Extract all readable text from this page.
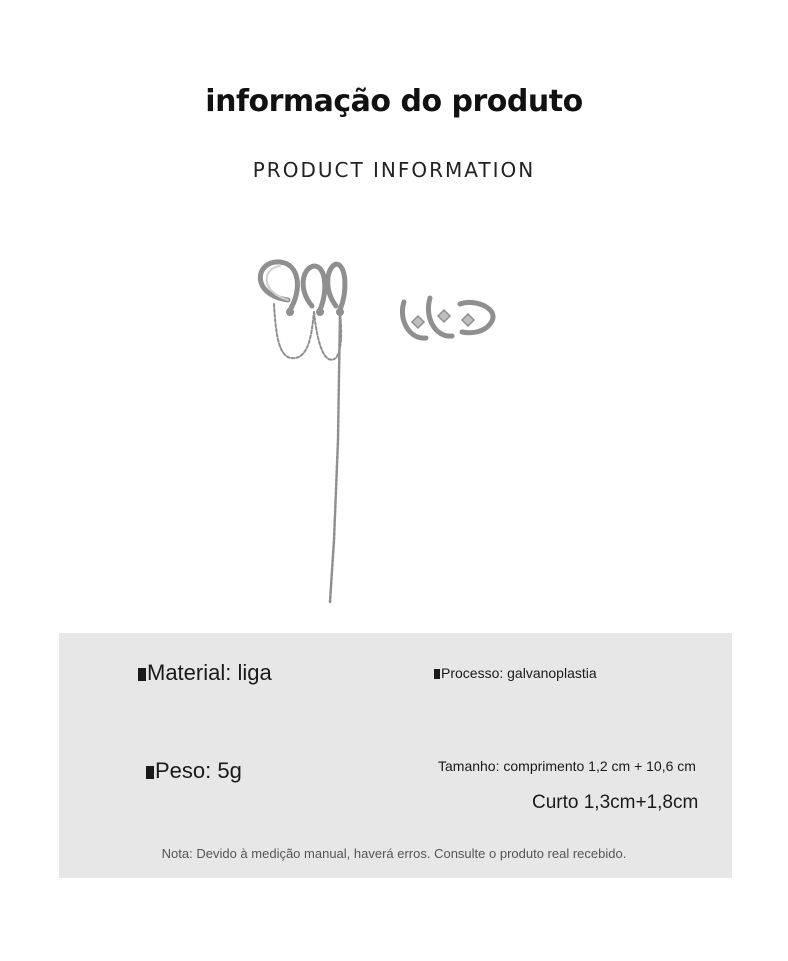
informação do produto
PRODUCT INFORMATION
Material: liga	Processo: galvanoplastia
Peso: 5g	Tamanho: comprimento 1,2 cm + 10,6 cm
Curto 1,3cm+1,8cm
Nota: Devido à medição manual, haverá erros. Consulte o produto real recebido.
